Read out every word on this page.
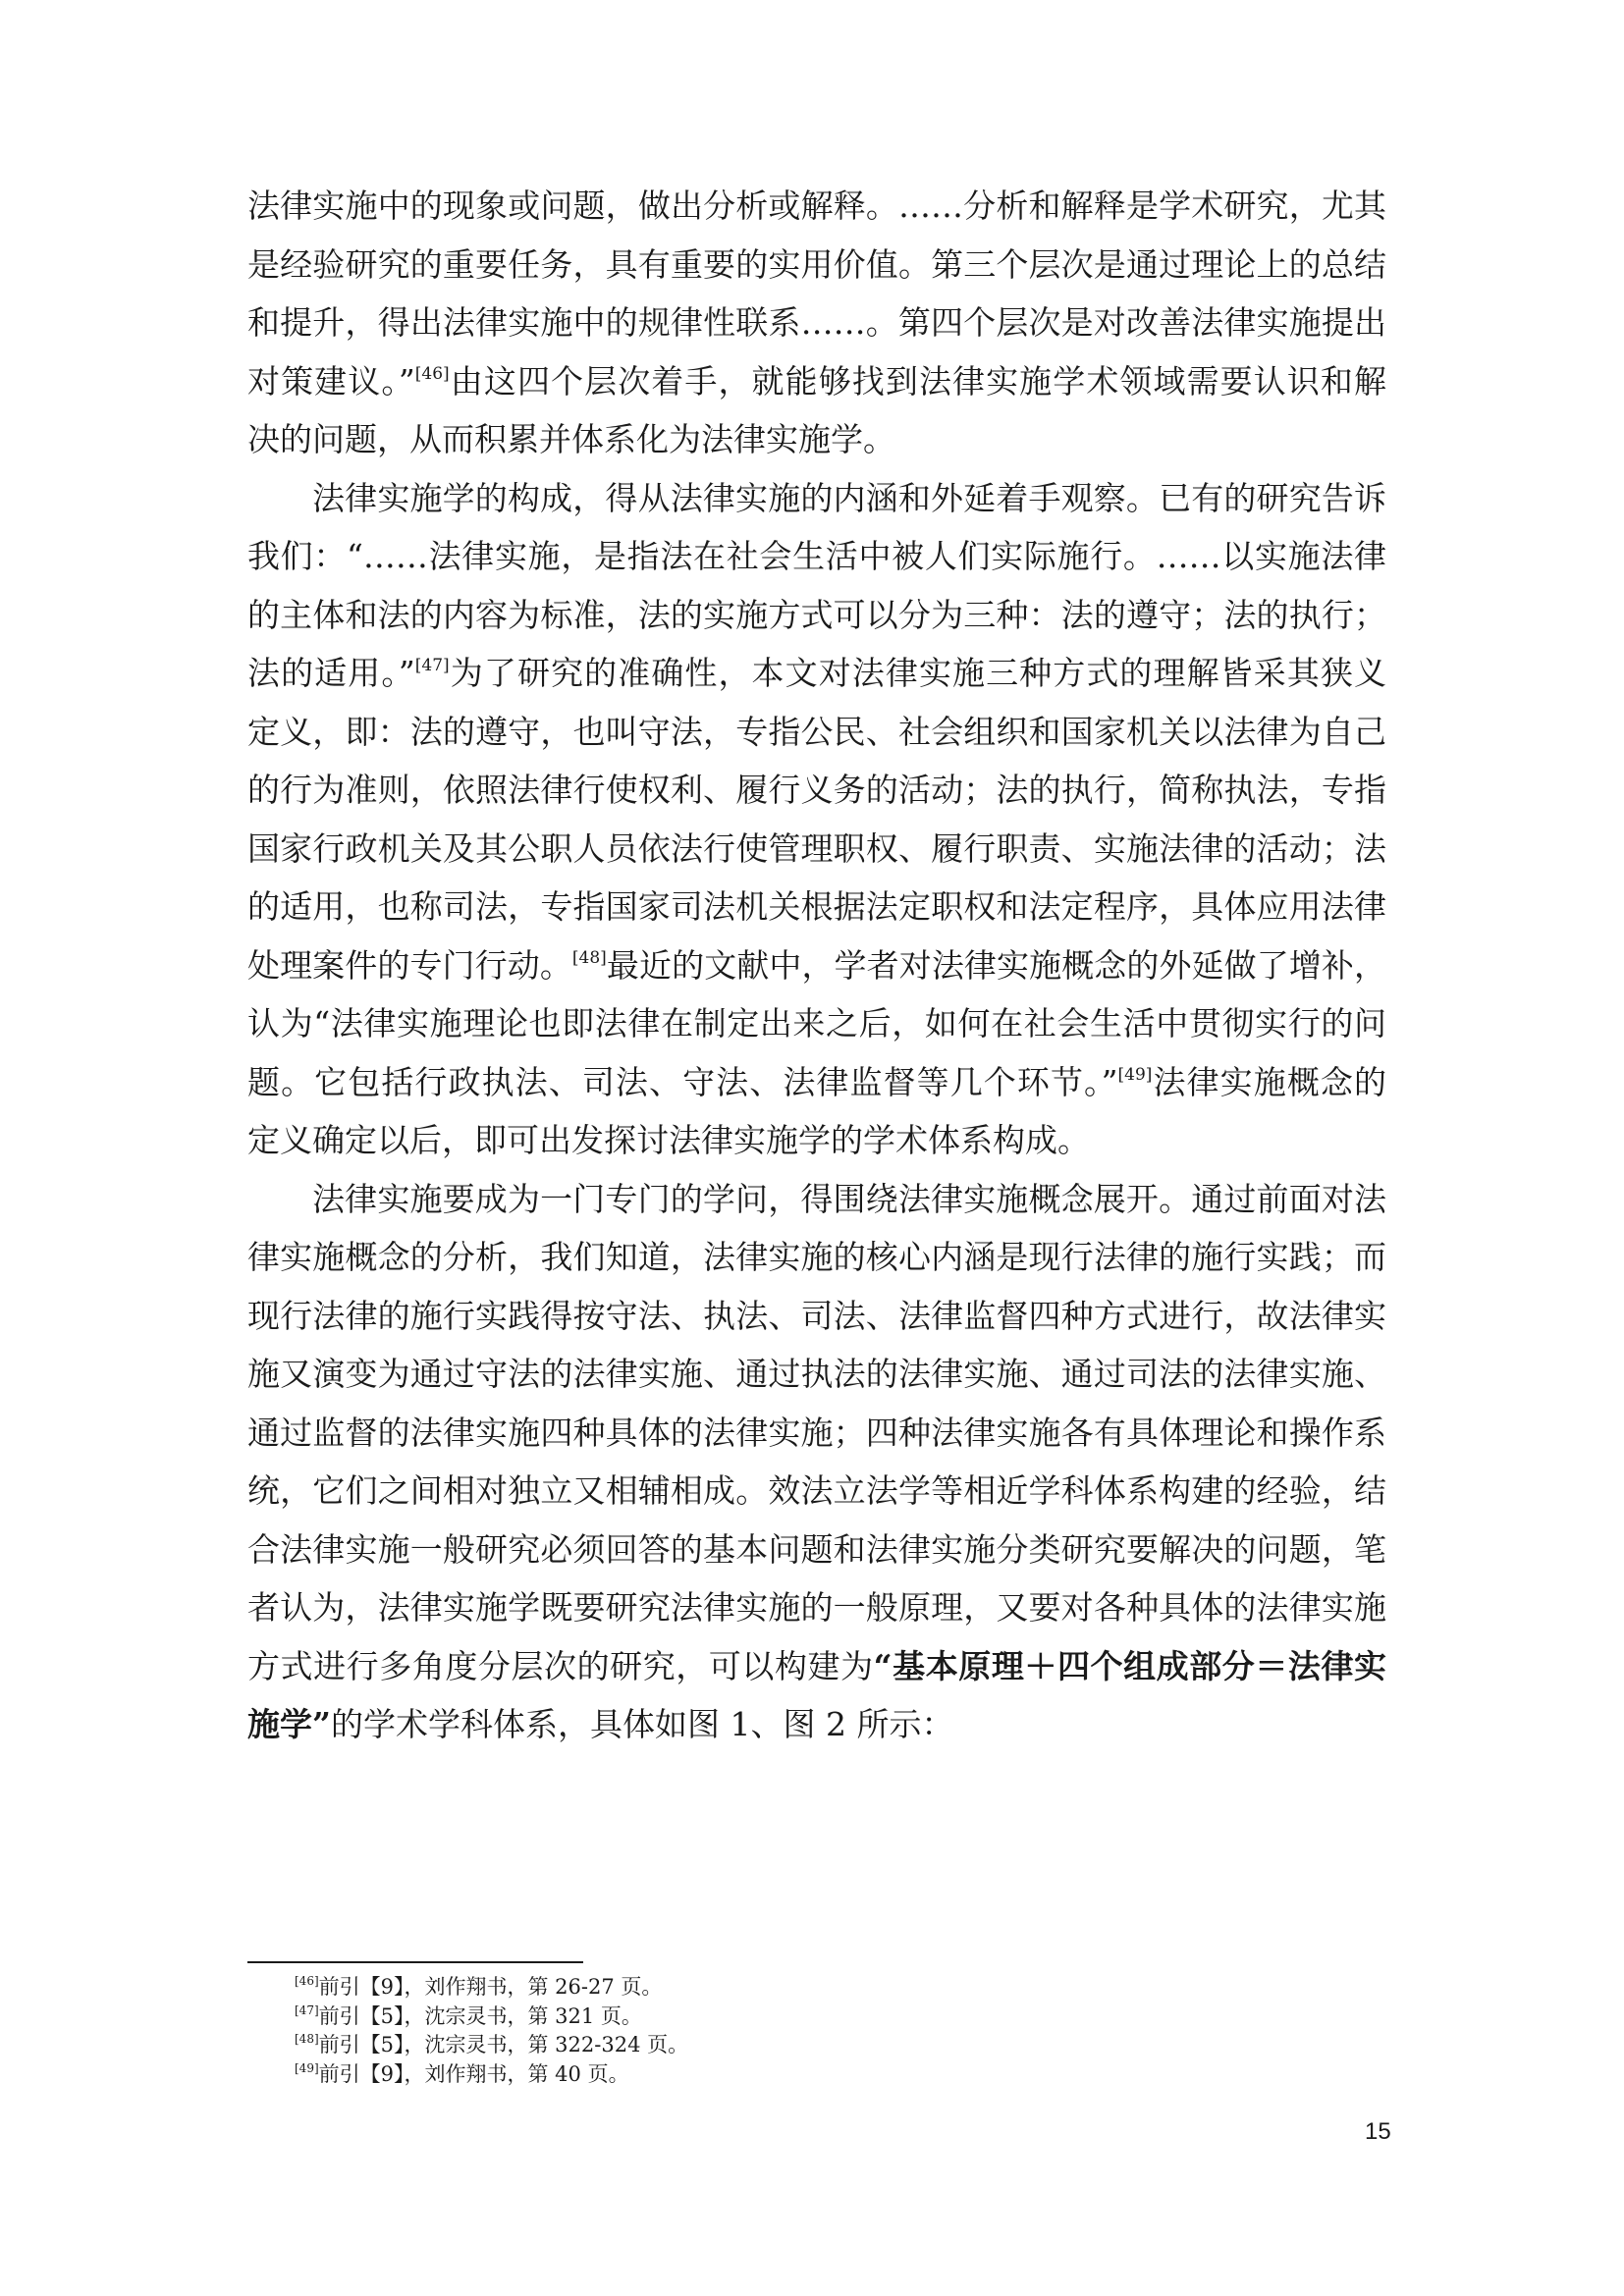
法律实施中的现象或问题，做出分析或解释。……分析和解释是学术研究，尤其
是经验研究的重要任务，具有重要的实用价值。第三个层次是通过理论上的总结
和提升，得出法律实施中的规律性联系……。第四个层次是对改善法律实施提出
对策建议。”[46]由这四个层次着手，就能够找到法律实施学术领域需要认识和解
决的问题，从而积累并体系化为法律实施学。
法律实施学的构成，得从法律实施的内涵和外延着手观察。已有的研究告诉
我们：“……法律实施，是指法在社会生活中被人们实际施行。……以实施法律
的主体和法的内容为标准，法的实施方式可以分为三种：法的遵守；法的执行；
法的适用。”[47]为了研究的准确性，本文对法律实施三种方式的理解皆采其狭义
定义，即：法的遵守，也叫守法，专指公民、社会组织和国家机关以法律为自己
的行为准则，依照法律行使权利、履行义务的活动；法的执行，简称执法，专指
国家行政机关及其公职人员依法行使管理职权、履行职责、实施法律的活动；法
的适用，也称司法，专指国家司法机关根据法定职权和法定程序，具体应用法律
处理案件的专门行动。[48]最近的文献中，学者对法律实施概念的外延做了增补，
认为“法律实施理论也即法律在制定出来之后，如何在社会生活中贯彻实行的问
题。它包括行政执法、司法、守法、法律监督等几个环节。”[49]法律实施概念的
定义确定以后，即可出发探讨法律实施学的学术体系构成。
法律实施要成为一门专门的学问，得围绕法律实施概念展开。通过前面对法
律实施概念的分析，我们知道，法律实施的核心内涵是现行法律的施行实践；而
现行法律的施行实践得按守法、执法、司法、法律监督四种方式进行，故法律实
施又演变为通过守法的法律实施、通过执法的法律实施、通过司法的法律实施、
通过监督的法律实施四种具体的法律实施；四种法律实施各有具体理论和操作系
统，它们之间相对独立又相辅相成。效法立法学等相近学科体系构建的经验，结
合法律实施一般研究必须回答的基本问题和法律实施分类研究要解决的问题，笔
者认为，法律实施学既要研究法律实施的一般原理，又要对各种具体的法律实施
方式进行多角度分层次的研究，可以构建为“基本原理＋四个组成部分＝法律实
施学”的学术学科体系，具体如图 1、图 2 所示：
[46]前引【9】，刘作翔书，第 26-27 页。
[47]前引【5】，沈宗灵书，第 321 页。
[48]前引【5】，沈宗灵书，第 322-324 页。
[49]前引【9】，刘作翔书，第 40 页。
15
